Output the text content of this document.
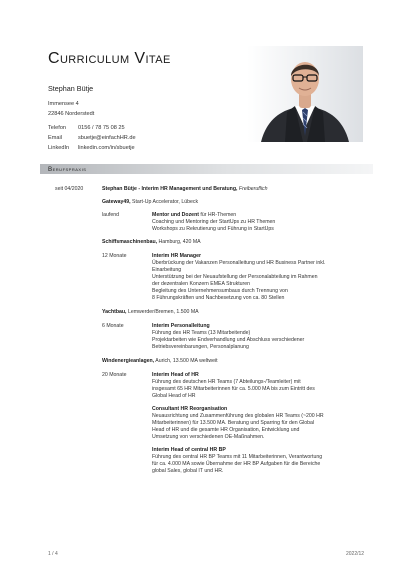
Curriculum Vitae
Stephan Bütje
Immensee 4
22846 Norderstedt
Telefon 0156 / 78 75 08 25
Email	sbuetje@einfachHR.de
LinkedIn linkedin.com/in/sbuetje
Berufspraxis
seit 04/2020	Stephan Bütje - Interim HR Management und Beratung, Freiberuflich
Gateway49, Start-Up Accelerator, Lübeck
laufend	Mentor und Dozent für HR-Themen
Coaching und Mentoring der StartUps zu HR Themen
Workshops zu Rekrutierung und Führung in StartUps
Schiffsmaschinenbau, Hamburg, 420 MA
12 Monate	Interim HR Manager
Überbrückung der Vakanzen Personalleitung und HR Business Partner inkl.
Einarbeitung
Unterstützung bei der Neuaufstellung der Personalabteilung im Rahmen
der dezentralen Konzern EMEA Strukturen
Begleitung des Unternehmensumbaus durch Trennung von
8 Führungskräften und Nachbesetzung von ca. 80 Stellen
Yachtbau, Lemwerder/Bremen, 1.500 MA
6 Monate	Interim Personalleitung
Führung des HR Teams (13 Mitarbeitende)
Projektarbeiten wie Endverhandlung und Abschluss verschiedener
Betriebsvereinbarungen, Personalplanung
Windenergieanlagen, Aurich, 13.500 MA weltweit
20 Monate	Interim Head of HR
Führung des deutschen HR Teams (7 Abteilungs-/Teamleiter) mit
insgesamt 65 HR Mitarbeiterinnen für ca. 5.000 MA bis zum Eintritt des
Global Head of HR
Consultant HR Reorganisation
Neuausrichtung und Zusammenführung des globalen HR Teams (~200 HR
Mitarbeiterinnen) für 13.500 MA. Beratung und Sparring für den Global
Head of HR und die gesamte HR Organisation, Entwicklung und
Umsetzung von verschiedenen OE-Maßnahmen.
Interim Head of central HR BP
Führung des central HR BP Teams mit 11 Mitarbeiterinnen, Verantwortung
für ca. 4.000 MA sowie Übernahme der HR BP Aufgaben für die Bereiche
global Sales, global IT und HR.
1 / 4	2022/12
